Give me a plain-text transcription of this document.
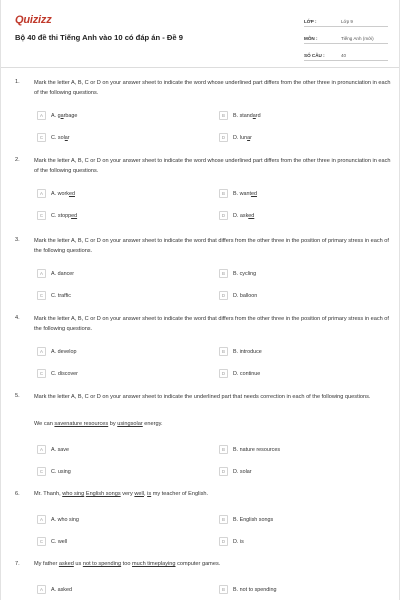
Quizizz
Bộ 40 đề thi Tiếng Anh vào 10 có đáp án - Đề 9
LỚP :	Lớp 9
MÔN :	Tiếng Anh (mới)
SỐ CÂU :	40
1.	Mark the letter A, B, C or D on your answer sheet to indicate the word whose underlined part differs from the other three in pronunciation in each of the following questions.
A	A. garbage	B	B. standard
C	C. solar	D	D. lunar
2.	Mark the letter A, B, C or D on your answer sheet to indicate the word whose underlined part differs from the other three in pronunciation in each of the following questions.
A	A. worked	B	B. wanted
C	C. stopped	D	D. asked
3.	Mark the letter A, B, C or D on your answer sheet to indicate the word that differs from the other three in the position of primary stress in each of the following questions.
A	A. dancer	B	B. cycling
C	C. traffic	D	D. balloon
4.	Mark the letter A, B, C or D on your answer sheet to indicate the word that differs from the other three in the position of primary stress in each of the following questions.
A	A. develop	B	B. introduce
C	C. discover	D	D. continue
5.	Mark the letter A, B, C or D on your answer sheet to indicate the underlined part that needs correction in each of the following questions.
We can savenature resources by usingsolar energy.
A	A. save	B	B. nature resources
C	C. using	D	D. solar
6.	Mr. Thanh, who sing English songs very well, is my teacher of English.
A	A. who sing	B	B. English songs
C	C. well	D	D. is
7.	My father asked us not to spending too much timeplaying computer games.
A	A. asked	B	B. not to spending
